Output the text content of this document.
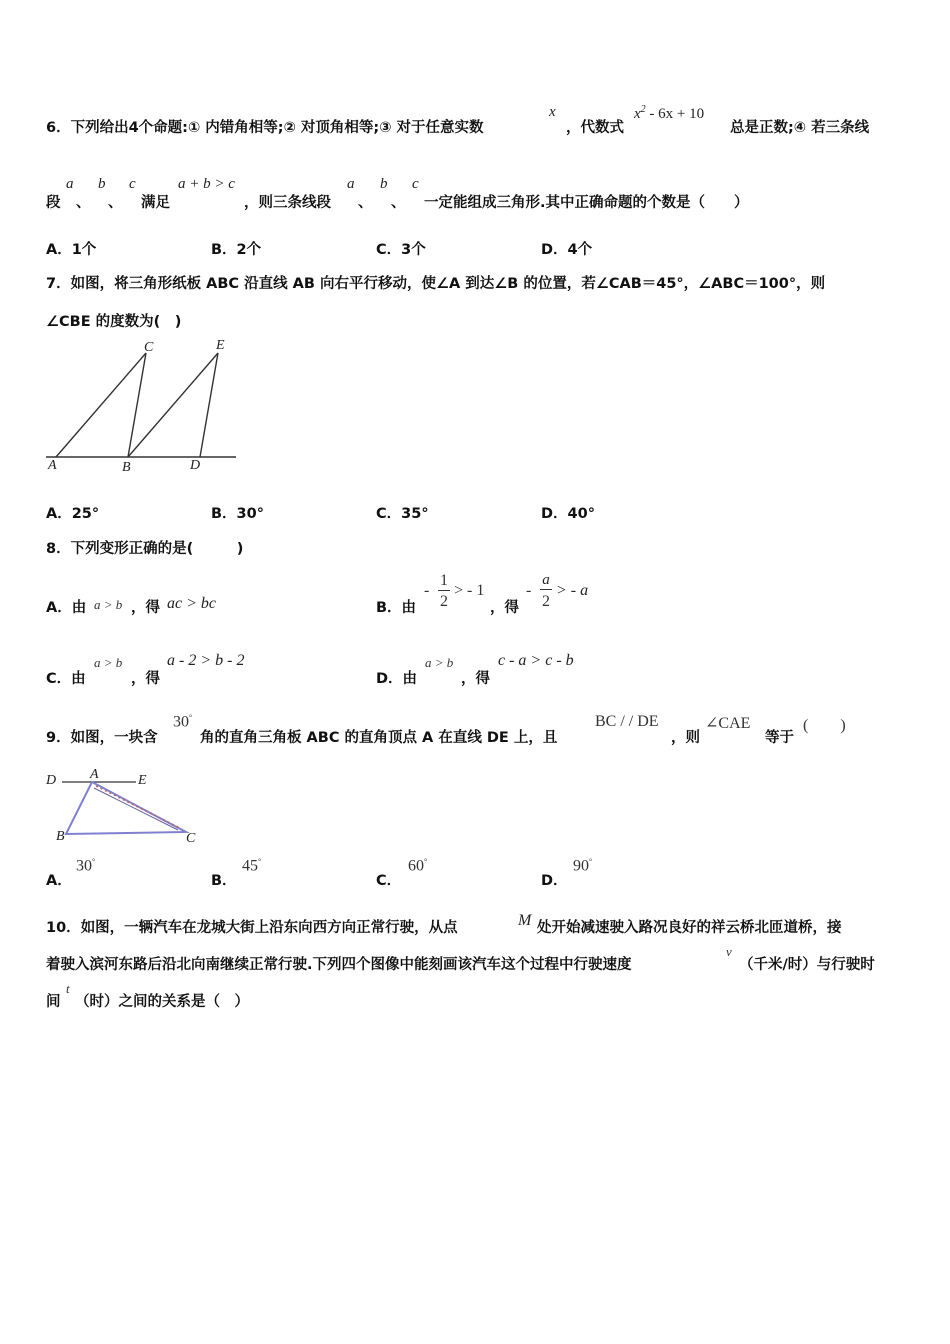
6．下列给出4个命题:① 内错角相等;② 对顶角相等;③ 对于任意实数
x
，代数式
$x^2 - 6x + 10$
总是正数;④ 若三条线
段
a
、
b
、
c
满足
a + b > c
，则三条线段
a
、
b
、
c
一定能组成三角形.其中正确命题的个数是（　　）
A．1个	B．2个	C．3个	D．4个
7．如图，将三角形纸板 ABC 沿直线 AB 向右平行移动，使∠A 到达∠B 的位置，若∠CAB＝45°，∠ABC＝100°，则
∠CBE 的度数为(　)
A	B
C
D
E
A．25°	B．30°	C．35°	D．40°
8．下列变形正确的是(　　　)
A．由 a > b ，得 ac > bc	B．由
-
1
2
> - 1
，得
-
a
2
> - a
C．由
a > b
，得
a - 2 > b - 2
D．由
a > b
，得
c - a > c - b
9．如图，一块含
30°
角的直角三角板 ABC 的直角顶点 A 在直线 DE 上，且
BC / / DE
，则
∠CAE
等于
(　　)
D A	E
B	C
A．
30°
B．
45°
C．
60°
D．
90°
10．如图，一辆汽车在龙城大街上沿东向西方向正常行驶，从点	M 处开始减速驶入路况良好的祥云桥北匝道桥，接
着驶入滨河东路后沿北向南继续正常行驶.下列四个图像中能刻画该汽车这个过程中行驶速度
v
（千米/时）与行驶时
间
t
（时）之间的关系是（　）
